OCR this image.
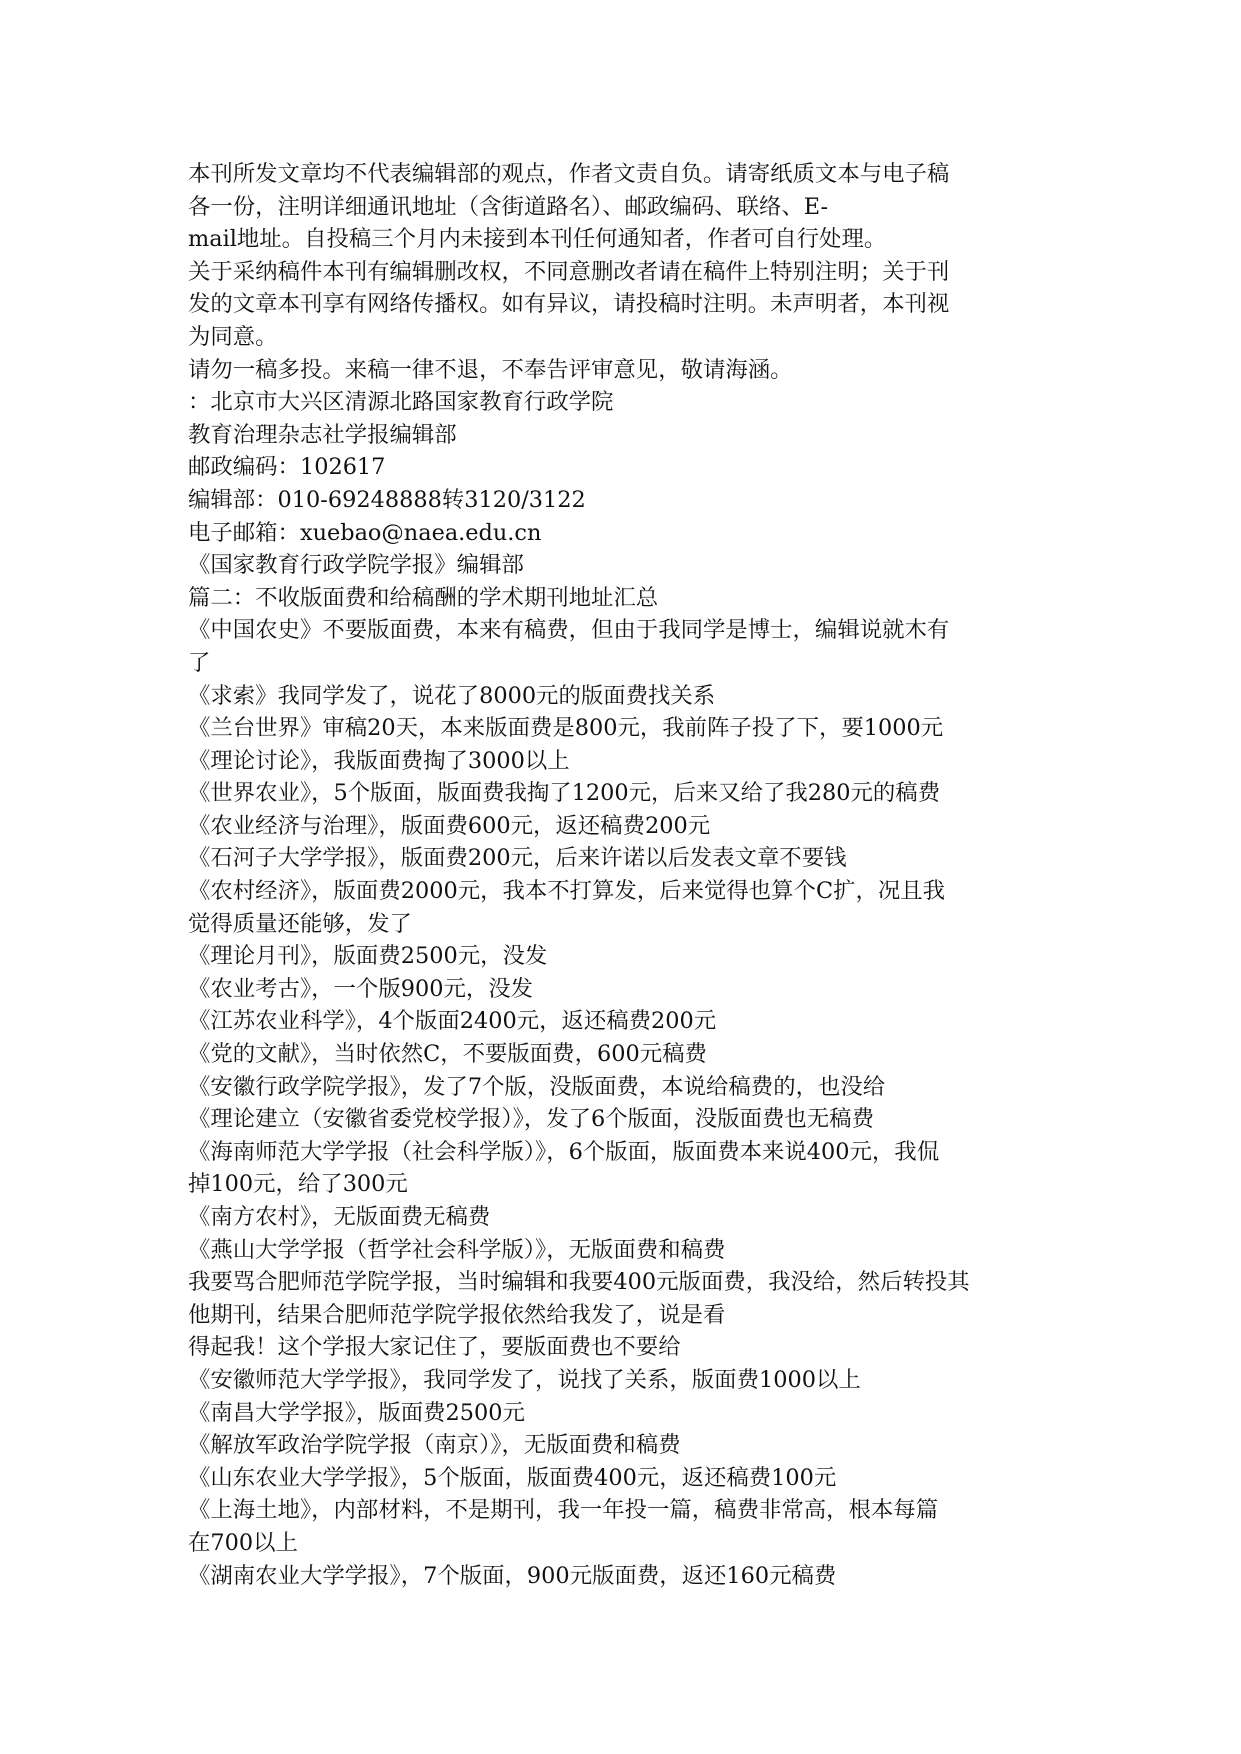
本刊所发文章均不代表编辑部的观点，作者文责自负。请寄纸质文本与电子稿
各一份，注明详细通讯地址（含街道路名）、邮政编码、联络、E-
mail地址。自投稿三个月内未接到本刊任何通知者，作者可自行处理。
关于采纳稿件本刊有编辑删改权，不同意删改者请在稿件上特别注明；关于刊
发的文章本刊享有网络传播权。如有异议，请投稿时注明。未声明者，本刊视
为同意。
请勿一稿多投。来稿一律不退，不奉告评审意见，敬请海涵。
：北京市大兴区清源北路国家教育行政学院
教育治理杂志社学报编辑部
邮政编码：102617
编辑部：010-69248888转3120/3122
电子邮箱：xuebao@naea.edu.cn
《国家教育行政学院学报》编辑部
篇二：不收版面费和给稿酬的学术期刊地址汇总
《中国农史》不要版面费，本来有稿费，但由于我同学是博士，编辑说就木有
了
《求索》我同学发了，说花了8000元的版面费找关系
《兰台世界》审稿20天，本来版面费是800元，我前阵子投了下，要1000元
《理论讨论》，我版面费掏了3000以上
《世界农业》，5个版面，版面费我掏了1200元，后来又给了我280元的稿费
《农业经济与治理》，版面费600元，返还稿费200元
《石河子大学学报》，版面费200元，后来许诺以后发表文章不要钱
《农村经济》，版面费2000元，我本不打算发，后来觉得也算个C扩，况且我
觉得质量还能够，发了
《理论月刊》，版面费2500元，没发
《农业考古》，一个版900元，没发
《江苏农业科学》，4个版面2400元，返还稿费200元
《党的文献》，当时依然C，不要版面费，600元稿费
《安徽行政学院学报》，发了7个版，没版面费，本说给稿费的，也没给
《理论建立（安徽省委党校学报）》，发了6个版面，没版面费也无稿费
《海南师范大学学报（社会科学版）》，6个版面，版面费本来说400元，我侃
掉100元，给了300元
《南方农村》，无版面费无稿费
《燕山大学学报（哲学社会科学版）》，无版面费和稿费
我要骂合肥师范学院学报，当时编辑和我要400元版面费，我没给，然后转投其
他期刊，结果合肥师范学院学报依然给我发了，说是看
得起我！这个学报大家记住了，要版面费也不要给
《安徽师范大学学报》，我同学发了，说找了关系，版面费1000以上
《南昌大学学报》，版面费2500元
《解放军政治学院学报（南京）》，无版面费和稿费
《山东农业大学学报》，5个版面，版面费400元，返还稿费100元
《上海土地》，内部材料，不是期刊，我一年投一篇，稿费非常高，根本每篇
在700以上
《湖南农业大学学报》，7个版面，900元版面费，返还160元稿费
